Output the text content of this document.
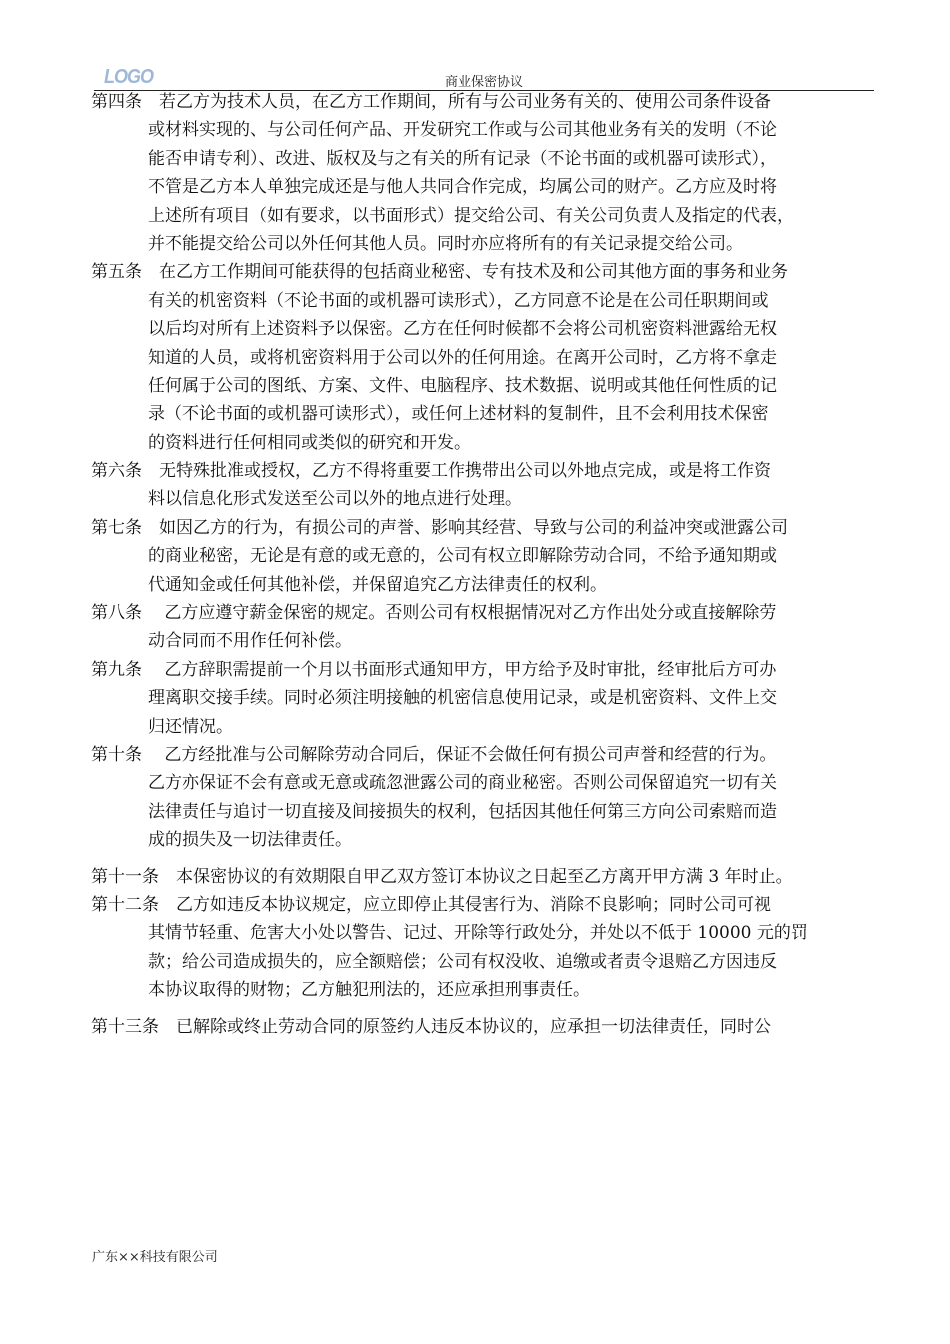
LOGO	商业保密协议
第四条　 若乙方为技术人员，在乙方工作期间，所有与公司业务有关的、使用公司条件设备
或材料实现的、与公司任何产品、开发研究工作或与公司其他业务有关的发明（不论
能否申请专利）、改进、版权及与之有关的所有记录（不论书面的或机器可读形式），
不管是乙方本人单独完成还是与他人共同合作完成，均属公司的财产。乙方应及时将
上述所有项目（如有要求，以书面形式）提交给公司、有关公司负责人及指定的代表，
并不能提交给公司以外任何其他人员。同时亦应将所有的有关记录提交给公司。
第五条　 在乙方工作期间可能获得的包括商业秘密、专有技术及和公司其他方面的事务和业务
有关的机密资料（不论书面的或机器可读形式），乙方同意不论是在公司任职期间或
以后均对所有上述资料予以保密。乙方在任何时候都不会将公司机密资料泄露给无权
知道的人员，或将机密资料用于公司以外的任何用途。在离开公司时，乙方将不拿走
任何属于公司的图纸、方案、文件、电脑程序、技术数据、说明或其他任何性质的记
录（不论书面的或机器可读形式），或任何上述材料的复制件，且不会利用技术保密
的资料进行任何相同或类似的研究和开发。
第六条　 无特殊批准或授权，乙方不得将重要工作携带出公司以外地点完成，或是将工作资
料以信息化形式发送至公司以外的地点进行处理。
第七条　 如因乙方的行为，有损公司的声誉、影响其经营、导致与公司的利益冲突或泄露公司
的商业秘密，无论是有意的或无意的，公司有权立即解除劳动合同，不给予通知期或
代通知金或任何其他补偿，并保留追究乙方法律责任的权利。
第八条　 乙方应遵守薪金保密的规定。否则公司有权根据情况对乙方作出处分或直接解除劳
动合同而不用作任何补偿。
第九条　 乙方辞职需提前一个月以书面形式通知甲方，甲方给予及时审批，经审批后方可办
理离职交接手续。同时必须注明接触的机密信息使用记录，或是机密资料、文件上交
归还情况。
第十条　 乙方经批准与公司解除劳动合同后，保证不会做任何有损公司声誉和经营的行为。
乙方亦保证不会有意或无意或疏忽泄露公司的商业秘密。否则公司保留追究一切有关
法律责任与追讨一切直接及间接损失的权利，包括因其他任何第三方向公司索赔而造
成的损失及一切法律责任。
第十一条　 本保密协议的有效期限自甲乙双方签订本协议之日起至乙方离开甲方满 3 年时止。
第十二条　 乙方如违反本协议规定，应立即停止其侵害行为、消除不良影响；同时公司可视
其情节轻重、危害大小处以警告、记过、开除等行政处分，并处以不低于 10000 元的罚
款；给公司造成损失的，应全额赔偿；公司有权没收、追缴或者责令退赔乙方因违反
本协议取得的财物；乙方触犯刑法的，还应承担刑事责任。
第十三条　 已解除或终止劳动合同的原签约人违反本协议的，应承担一切法律责任，同时公
广东××科技有限公司
